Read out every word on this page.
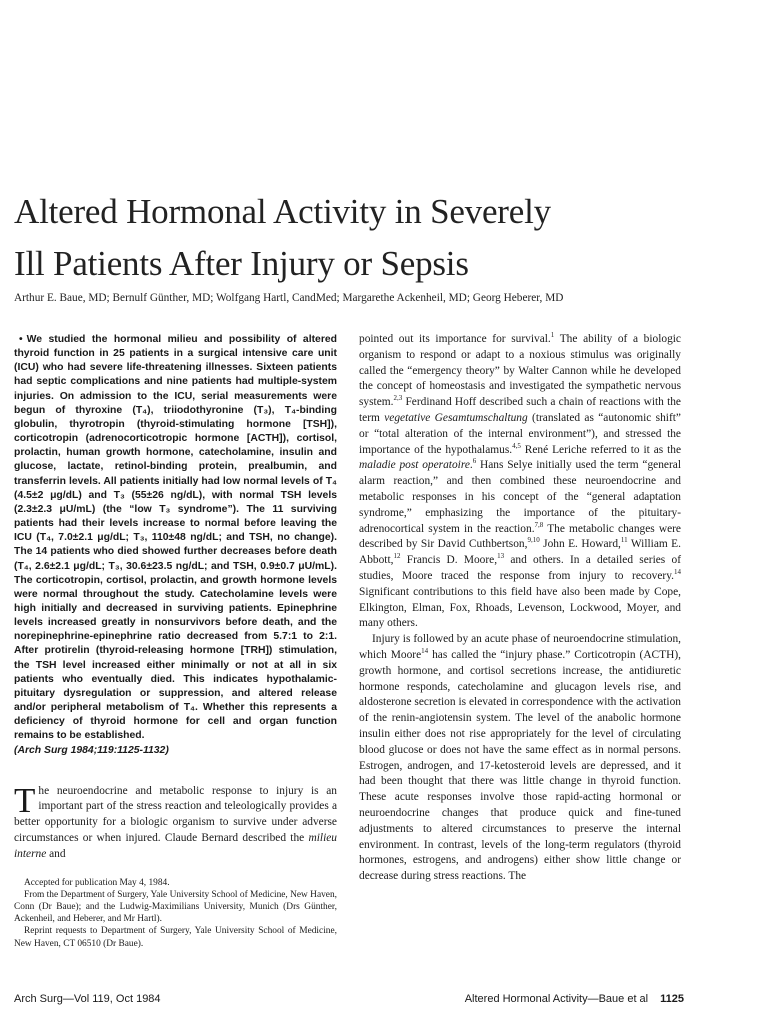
Altered Hormonal Activity in Severely
Ill Patients After Injury or Sepsis
Arthur E. Baue, MD; Bernulf Günther, MD; Wolfgang Hartl, CandMed; Margarethe Ackenheil, MD; Georg Heberer, MD

• We studied the hormonal milieu and possibility of altered thyroid function in 25 patients in a surgical intensive care unit (ICU) who had severe life-threatening illnesses. Sixteen patients had septic complications and nine patients had multiple-system injuries. On admission to the ICU, serial measurements were begun of thyroxine (T₄), triiodothyronine (T₃), T₄-binding globulin, thyrotropin (thyroid-stimulating hormone [TSH]), corticotropin (adrenocorticotropic hormone [ACTH]), cortisol, prolactin, human growth hormone, catecholamine, insulin and glucose, lactate, retinol-binding protein, prealbumin, and transferrin levels. All patients initially had low normal levels of T₄ (4.5±2 μg/dL) and T₃ (55±26 ng/dL), with normal TSH levels (2.3±2.3 μU/mL) (the “low T₃ syndrome”). The 11 surviving patients had their levels increase to normal before leaving the ICU (T₄, 7.0±2.1 μg/dL; T₃, 110±48 ng/dL; and TSH, no change). The 14 patients who died showed further decreases before death (T₄, 2.6±2.1 μg/dL; T₃, 30.6±23.5 ng/dL; and TSH, 0.9±0.7 μU/mL). The corticotropin, cortisol, prolactin, and growth hormone levels were normal throughout the study. Catecholamine levels were high initially and decreased in surviving patients. Epinephrine levels increased greatly in nonsurvivors before death, and the norepinephrine-epinephrine ratio decreased from 5.7:1 to 2:1. After protirelin (thyroid-releasing hormone [TRH]) stimulation, the TSH level increased either minimally or not at all in six patients who eventually died. This indicates hypothalamic-pituitary dysregulation or suppression, and altered release and/or peripheral metabolism of T₄. Whether this represents a deficiency of thyroid hormone for cell and organ function remains to be established.
(Arch Surg 1984;119:1125-1132)

The neuroendocrine and metabolic response to injury is an important part of the stress reaction and teleologically provides a better opportunity for a biologic organism to survive under adverse circumstances or when injured. Claude Bernard described the milieu interne and

Accepted for publication May 4, 1984.

From the Department of Surgery, Yale University School of Medicine, New Haven, Conn (Dr Baue); and the Ludwig-Maximilians University, Munich (Drs Günther, Ackenheil, and Heberer, and Mr Hartl).

Reprint requests to Department of Surgery, Yale University School of Medicine, New Haven, CT 06510 (Dr Baue).

pointed out its importance for survival.$^1$ The ability of a biologic organism to respond or adapt to a noxious stimulus was originally called the “emergency theory” by Walter Cannon while he developed the concept of homeostasis and investigated the sympathetic nervous system.$^{2,3}$ Ferdinand Hoff described such a chain of reactions with the term vegetative Gesamtumschaltung (translated as “autonomic shift” or “total alteration of the internal environment”), and stressed the importance of the hypothalamus.$^{4,5}$ René Leriche referred to it as the maladie post operatoire.$^6$ Hans Selye initially used the term “general alarm reaction,” and then combined these neuroendocrine and metabolic responses in his concept of the “general adaptation syndrome,” emphasizing the importance of the pituitary-adrenocortical system in the reaction.$^{7,8}$ The metabolic changes were described by Sir David Cuthbertson,$^{9,10}$ John E. Howard,$^{11}$ William E. Abbott,$^{12}$ Francis D. Moore,$^{13}$ and others. In a detailed series of studies, Moore traced the response from injury to recovery.$^{14}$ Significant contributions to this field have also been made by Cope, Elkington, Elman, Fox, Rhoads, Levenson, Lockwood, Moyer, and many others.

Injury is followed by an acute phase of neuroendocrine stimulation, which Moore$^{14}$ has called the “injury phase.” Corticotropin (ACTH), growth hormone, and cortisol secretions increase, the antidiuretic hormone responds, catecholamine and glucagon levels rise, and aldosterone secretion is elevated in correspondence with the activation of the renin-angiotensin system. The level of the anabolic hormone insulin either does not rise appropriately for the level of circulating blood glucose or does not have the same effect as in normal persons. Estrogen, androgen, and 17-ketosteroid levels are depressed, and it had been thought that there was little change in thyroid function. These acute responses involve those rapid-acting hormonal or neuroendocrine changes that produce quick and fine-tuned adjustments to altered circumstances to preserve the internal environment. In contrast, levels of the long-term regulators (thyroid hormones, estrogens, and androgens) either show little change or decrease during stress reactions. The

Arch Surg—Vol 119, Oct 1984	Altered Hormonal Activity—Baue et al 1125
